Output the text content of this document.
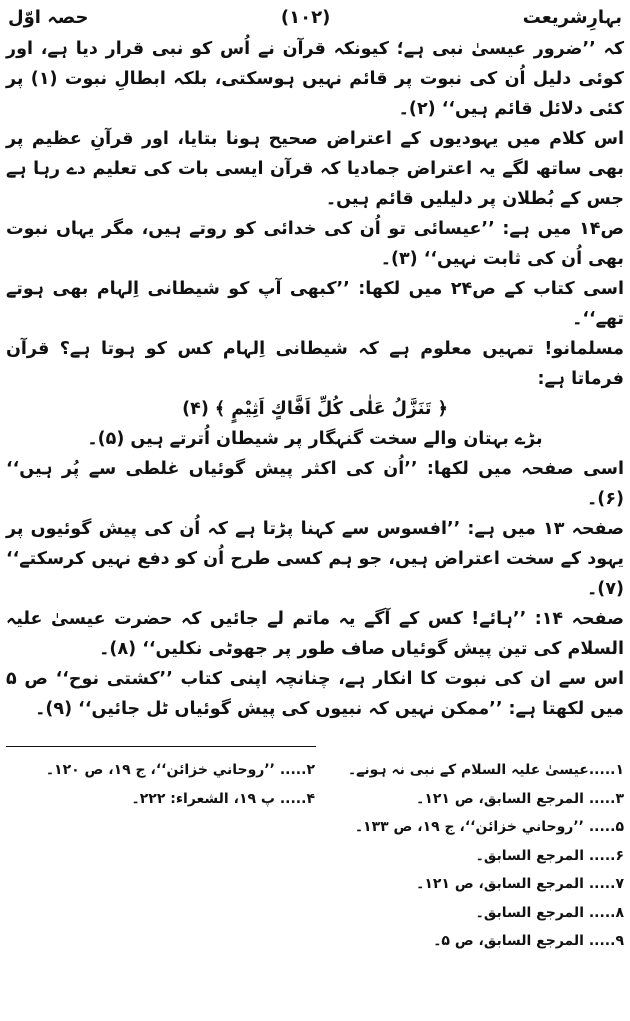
بہارِشریعت
(۱۰۲)
حصہ اوّل

کہ ’’ضرور عیسیٰ نبی ہے؛ کیونکہ قرآن نے اُس کو نبی قرار دیا ہے، اور کوئی دلیل اُن کی نبوت پر قائم نہیں ہوسکتی، بلکہ ابطالِ نبوت (۱) پر کئی دلائل قائم ہیں‘‘ (۲)۔

اس کلام میں یہودیوں کے اعتراض صحیح ہونا بتایا، اور قرآنِ عظیم پر بھی ساتھ لگے یہ اعتراض جمادیا کہ قرآن ایسی بات کی تعلیم دے رہا ہے جس کے بُطلان پر دلیلیں قائم ہیں۔

ص۱۴ میں ہے: ’’عیسائی تو اُن کی خدائی کو روتے ہیں، مگر یہاں نبوت بھی اُن کی ثابت نہیں‘‘ (۳)۔

اسی کتاب کے ص۲۴ میں لکھا: ’’کبھی آپ کو شیطانی اِلہام بھی ہوتے تھے‘‘۔

مسلمانو! تمہیں معلوم ہے کہ شیطانی اِلہام کس کو ہوتا ہے؟ قرآن فرماتا ہے:

﴿ تَنَزَّلُ عَلٰى كُلِّ اَفَّاكٍ اَثِيْمٍ ﴾ (۴)

بڑے بہتان والے سخت گنہگار پر شیطان اُترتے ہیں (۵)۔

اسی صفحہ میں لکھا: ’’اُن کی اکثر پیش گوئیاں غلطی سے پُر ہیں‘‘ (۶)۔

صفحہ ۱۳ میں ہے: ’’افسوس سے کہنا پڑتا ہے کہ اُن کی پیش گوئیوں پر یہود کے سخت اعتراض ہیں، جو ہم کسی طرح اُن کو دفع نہیں کرسکتے‘‘ (۷)۔

صفحہ ۱۴: ’’ہائے! کس کے آگے یہ ماتم لے جائیں کہ حضرت عیسیٰ علیہ السلام کی تین پیش گوئیاں صاف طور پر جھوٹی نکلیں‘‘ (۸)۔

اس سے ان کی نبوت کا انکار ہے، چنانچہ اپنی کتاب ’’کشتی نوح‘‘ ص ۵ میں لکھتا ہے: ’’ممکن نہیں کہ نبیوں کی پیش گوئیاں ٹل جائیں‘‘ (۹)۔

۱.....عیسیٰ علیہ السلام کے نبی نہ ہونے۔
۲..... ’’روحاني خزائن‘‘، ج ۱۹، ص ۱۲۰۔
۳..... المرجع السابق، ص ۱۲۱۔
۴..... پ ۱۹، الشعراء: ۲۲۲۔
۵..... ’’روحاني خزائن‘‘، ج ۱۹، ص ۱۳۳۔
۶..... المرجع السابق۔
۷..... المرجع السابق، ص ۱۲۱۔
۸..... المرجع السابق۔
۹..... المرجع السابق، ص ۵۔
